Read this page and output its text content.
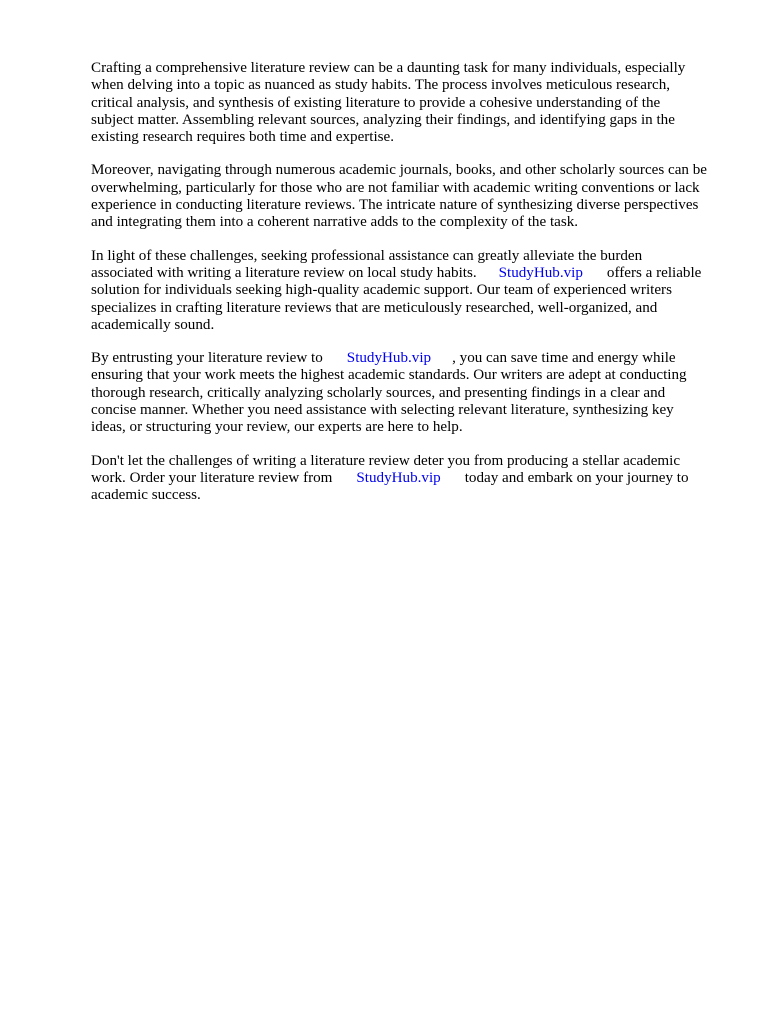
Crafting a comprehensive literature review can be a daunting task for many individuals, especially
when delving into a topic as nuanced as study habits. The process involves meticulous research,
critical analysis, and synthesis of existing literature to provide a cohesive understanding of the
subject matter. Assembling relevant sources, analyzing their findings, and identifying gaps in the
existing research requires both time and expertise.

Moreover, navigating through numerous academic journals, books, and other scholarly sources can be
overwhelming, particularly for those who are not familiar with academic writing conventions or lack
experience in conducting literature reviews. The intricate nature of synthesizing diverse perspectives
and integrating them into a coherent narrative adds to the complexity of the task.

In light of these challenges, seeking professional assistance can greatly alleviate the burden
associated with writing a literature review on local study habits. StudyHub.vip offers a reliable
solution for individuals seeking high-quality academic support. Our team of experienced writers
specializes in crafting literature reviews that are meticulously researched, well-organized, and
academically sound.

By entrusting your literature review to StudyHub.vip , you can save time and energy while
ensuring that your work meets the highest academic standards. Our writers are adept at conducting
thorough research, critically analyzing scholarly sources, and presenting findings in a clear and
concise manner. Whether you need assistance with selecting relevant literature, synthesizing key
ideas, or structuring your review, our experts are here to help.

Don't let the challenges of writing a literature review deter you from producing a stellar academic
work. Order your literature review from StudyHub.vip today and embark on your journey to
academic success.
